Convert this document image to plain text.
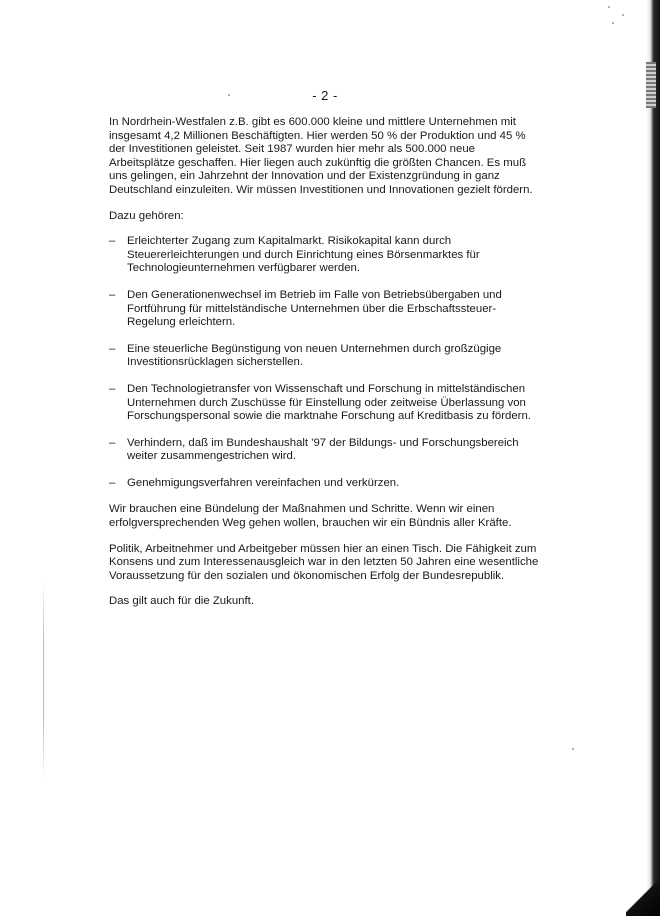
- 2 -

In Nordrhein-Westfalen z.B. gibt es 600.000 kleine und mittlere Unternehmen mit insgesamt 4,2 Millionen Beschäftigten. Hier werden 50 % der Produktion und 45 % der Investitionen geleistet. Seit 1987 wurden hier mehr als 500.000 neue Arbeitsplätze geschaffen. Hier liegen auch zukünftig die größten Chancen. Es muß uns gelingen, ein Jahrzehnt der Innovation und der Existenzgründung in ganz Deutschland einzuleiten. Wir müssen Investitionen und Innovationen gezielt fördern.

Dazu gehören:

– Erleichterter Zugang zum Kapitalmarkt. Risikokapital kann durch Steuererleichterungen und durch Einrichtung eines Börsenmarktes für Technologieunternehmen verfügbarer werden.
– Den Generationenwechsel im Betrieb im Falle von Betriebsübergaben und Fortführung für mittelständische Unternehmen über die Erbschaftssteuer-Regelung erleichtern.
– Eine steuerliche Begünstigung von neuen Unternehmen durch großzügige Investitionsrücklagen sicherstellen.
– Den Technologietransfer von Wissenschaft und Forschung in mittelständischen Unternehmen durch Zuschüsse für Einstellung oder zeitweise Überlassung von Forschungspersonal sowie die marktnahe Forschung auf Kreditbasis zu fördern.
– Verhindern, daß im Bundeshaushalt '97 der Bildungs- und Forschungsbereich weiter zusammengestrichen wird.
– Genehmigungsverfahren vereinfachen und verkürzen.

Wir brauchen eine Bündelung der Maßnahmen und Schritte. Wenn wir einen erfolgversprechenden Weg gehen wollen, brauchen wir ein Bündnis aller Kräfte.

Politik, Arbeitnehmer und Arbeitgeber müssen hier an einen Tisch. Die Fähigkeit zum Konsens und zum Interessenausgleich war in den letzten 50 Jahren eine wesentliche Voraussetzung für den sozialen und ökonomischen Erfolg der Bundesrepublik.

Das gilt auch für die Zukunft.
